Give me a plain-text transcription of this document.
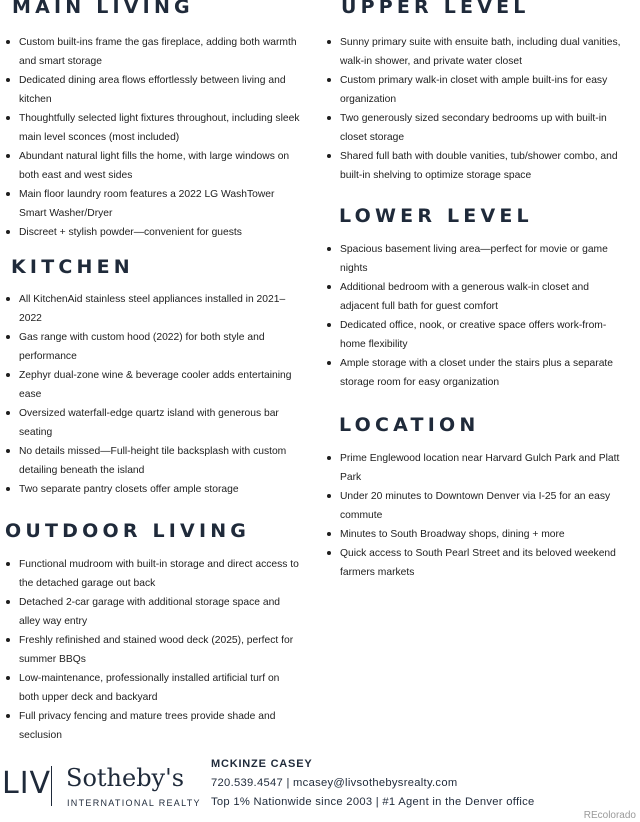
MAIN LIVING
Custom built-ins frame the gas fireplace, adding both warmth and smart storage
Dedicated dining area flows effortlessly between living and kitchen
Thoughtfully selected light fixtures throughout, including sleek main level sconces (most included)
Abundant natural light fills the home, with large windows on both east and west sides
Main floor laundry room features a 2022 LG WashTower Smart Washer/Dryer
Discreet + stylish powder—convenient for guests
KITCHEN
All KitchenAid stainless steel appliances installed in 2021–2022
Gas range with custom hood (2022) for both style and performance
Zephyr dual-zone wine & beverage cooler adds entertaining ease
Oversized waterfall-edge quartz island with generous bar seating
No details missed—Full-height tile backsplash with custom detailing beneath the island
Two separate pantry closets offer ample storage
OUTDOOR LIVING
Functional mudroom with built-in storage and direct access to the detached garage out back
Detached 2-car garage with additional storage space and alley way entry
Freshly refinished and stained wood deck (2025), perfect for summer BBQs
Low-maintenance, professionally installed artificial turf on both upper deck and backyard
Full privacy fencing and mature trees provide shade and seclusion
UPPER LEVEL
Sunny primary suite with ensuite bath, including dual vanities, walk-in shower, and private water closet
Custom primary walk-in closet with ample built-ins for easy organization
Two generously sized secondary bedrooms up with built-in closet storage
Shared full bath with double vanities, tub/shower combo, and built-in shelving to optimize storage space
LOWER LEVEL
Spacious basement living area—perfect for movie or game nights
Additional bedroom with a generous walk-in closet and adjacent full bath for guest comfort
Dedicated office, nook, or creative space offers work-from-home flexibility
Ample storage with a closet under the stairs plus a separate storage room for easy organization
LOCATION
Prime Englewood location near Harvard Gulch Park and Platt Park
Under 20 minutes to Downtown Denver via I-25 for an easy commute
Minutes to South Broadway shops, dining + more
Quick access to South Pearl Street and its beloved weekend farmers markets
LIV Sotheby's
INTERNATIONAL REALTY
MCKINZE CASEY
720.539.4547 | mcasey@livsothebysrealty.com
Top 1% Nationwide since 2003 | #1 Agent in the Denver office
REcolorado
